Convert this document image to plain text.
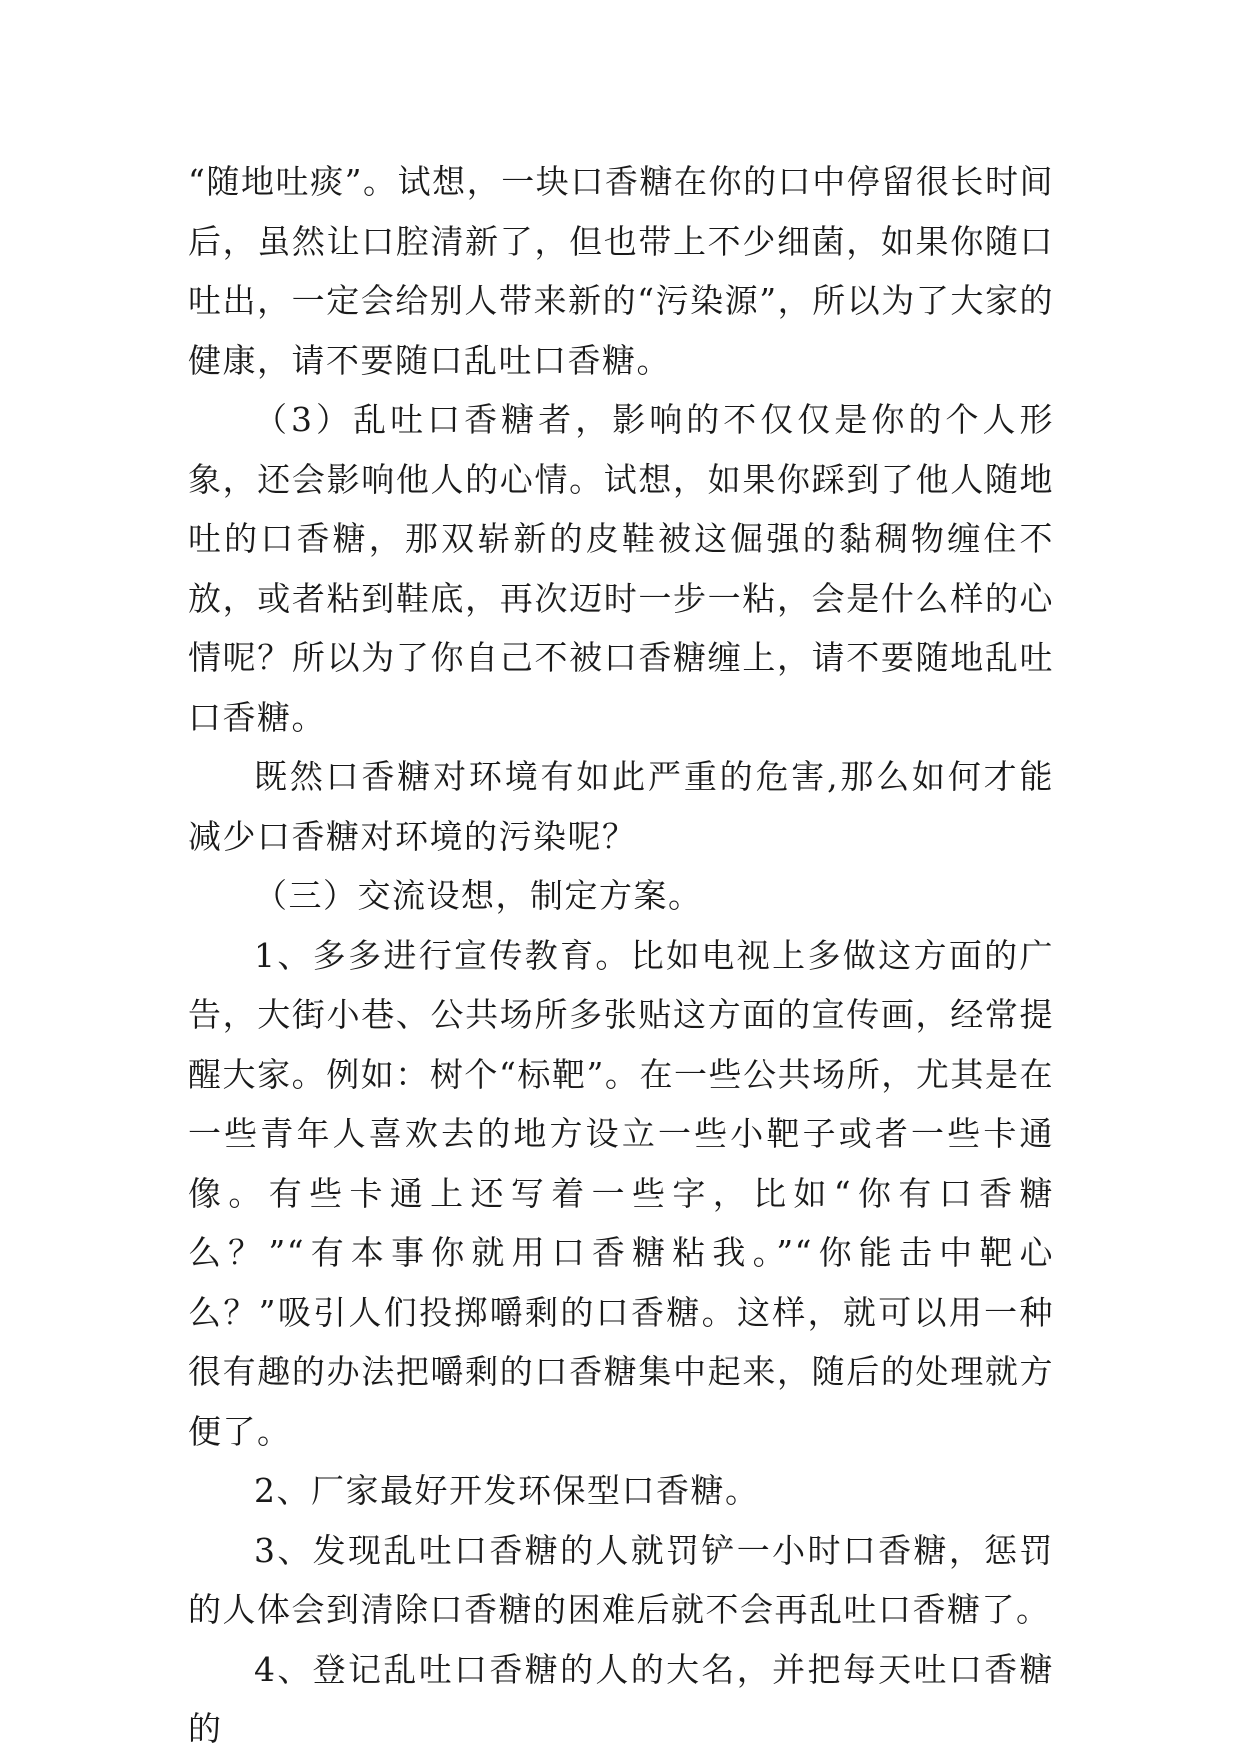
“随地吐痰”。试想，一块口香糖在你的口中停留很长时间后，虽然让口腔清新了，但也带上不少细菌，如果你随口吐出，一定会给别人带来新的“污染源”，所以为了大家的健康，请不要随口乱吐口香糖。

（3）乱吐口香糖者，影响的不仅仅是你的个人形象，还会影响他人的心情。试想，如果你踩到了他人随地吐的口香糖，那双崭新的皮鞋被这倔强的黏稠物缠住不放，或者粘到鞋底，再次迈时一步一粘，会是什么样的心情呢？所以为了你自己不被口香糖缠上，请不要随地乱吐口香糖。

既然口香糖对环境有如此严重的危害,那么如何才能减少口香糖对环境的污染呢？

（三）交流设想，制定方案。

1、多多进行宣传教育。比如电视上多做这方面的广告，大街小巷、公共场所多张贴这方面的宣传画，经常提醒大家。例如：树个“标靶”。在一些公共场所，尤其是在一些青年人喜欢去的地方设立一些小靶子或者一些卡通像。有些卡通上还写着一些字，比如“你有口香糖么？”“有本事你就用口香糖粘我。”“你能击中靶心么？”吸引人们投掷嚼剩的口香糖。这样，就可以用一种很有趣的办法把嚼剩的口香糖集中起来，随后的处理就方便了。

2、厂家最好开发环保型口香糖。

3、发现乱吐口香糖的人就罚铲一小时口香糖，惩罚的人体会到清除口香糖的困难后就不会再乱吐口香糖了。

4、登记乱吐口香糖的人的大名，并把每天吐口香糖的
